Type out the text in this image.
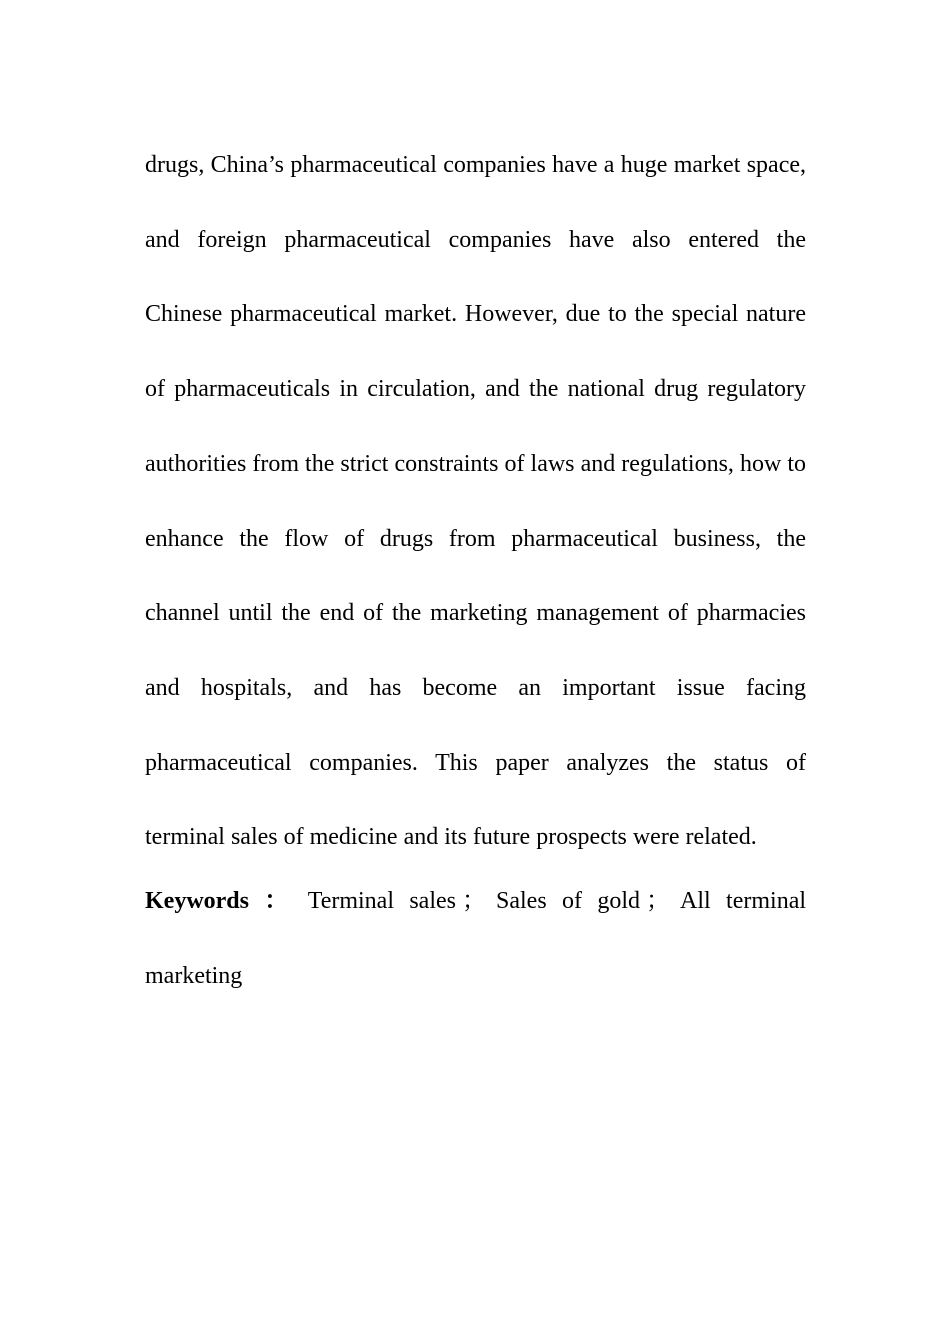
drugs, China’s pharmaceutical companies have a huge market space, and foreign pharmaceutical companies have also entered the Chinese pharmaceutical market. However, due to the special nature of pharmaceuticals in circulation, and the national drug regulatory authorities from the strict constraints of laws and regulations, how to enhance the flow of drugs from pharmaceutical business, the channel until the end of the marketing management of pharmacies and hospitals, and has become an important issue facing pharmaceutical companies. This paper analyzes the status of terminal sales of medicine and its future prospects were related.

Keywords ： Terminal sales ； Sales of gold ； All terminal marketing
